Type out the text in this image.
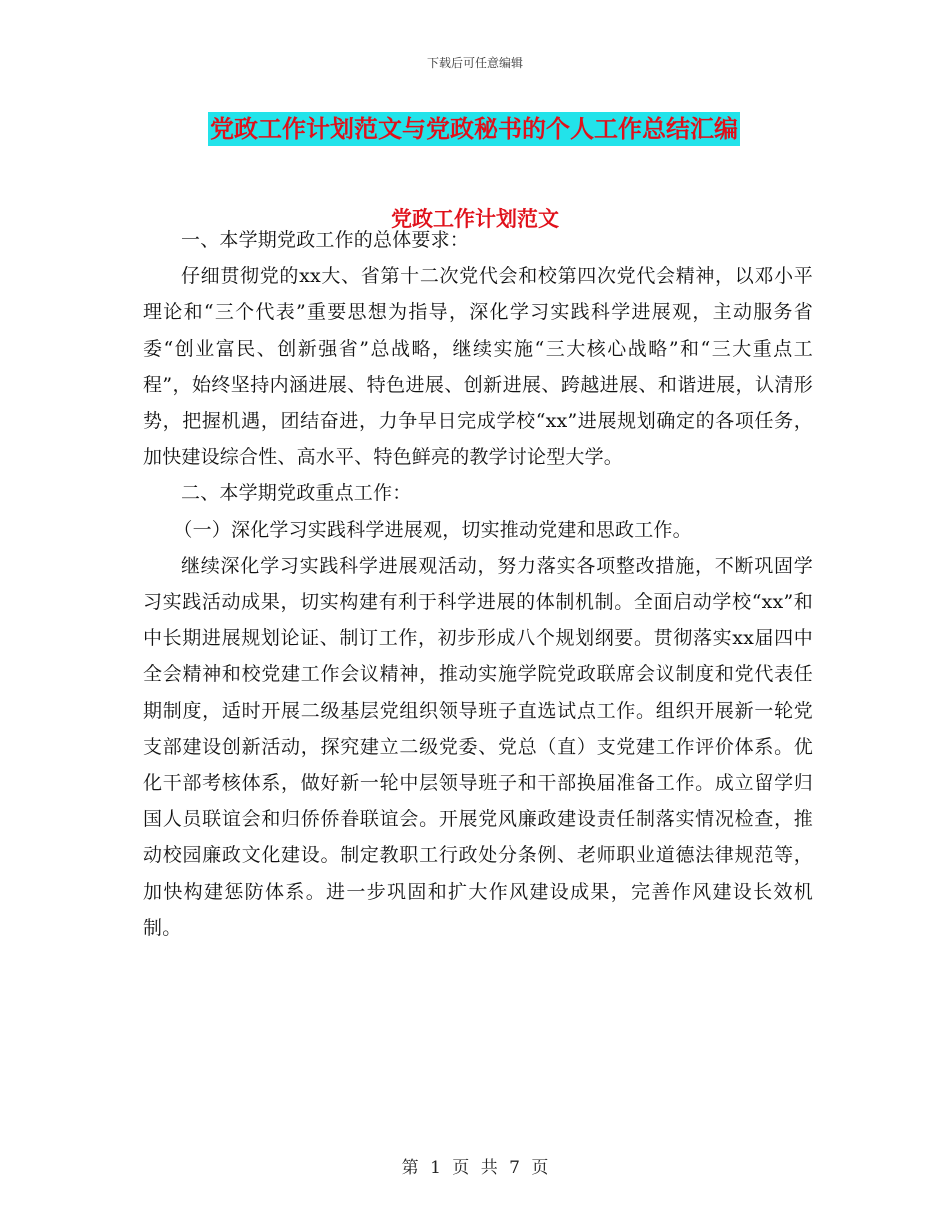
下载后可任意编辑
党政工作计划范文与党政秘书的个人工作总结汇编
党政工作计划范文

一、本学期党政工作的总体要求：

仔细贯彻党的xx大、省第十二次党代会和校第四次党代会精神，以邓小平理论和“三个代表”重要思想为指导，深化学习实践科学进展观，主动服务省委“创业富民、创新强省”总战略，继续实施“三大核心战略”和“三大重点工程”，始终坚持内涵进展、特色进展、创新进展、跨越进展、和谐进展，认清形势，把握机遇，团结奋进，力争早日完成学校“xx”进展规划确定的各项任务，加快建设综合性、高水平、特色鲜亮的教学讨论型大学。

二、本学期党政重点工作：

（一）深化学习实践科学进展观，切实推动党建和思政工作。

继续深化学习实践科学进展观活动，努力落实各项整改措施，不断巩固学习实践活动成果，切实构建有利于科学进展的体制机制。全面启动学校“xx”和中长期进展规划论证、制订工作，初步形成八个规划纲要。贯彻落实xx届四中全会精神和校党建工作会议精神，推动实施学院党政联席会议制度和党代表任期制度，适时开展二级基层党组织领导班子直选试点工作。组织开展新一轮党支部建设创新活动，探究建立二级党委、党总（直）支党建工作评价体系。优化干部考核体系，做好新一轮中层领导班子和干部换届准备工作。成立留学归国人员联谊会和归侨侨眷联谊会。开展党风廉政建设责任制落实情况检查，推动校园廉政文化建设。制定教职工行政处分条例、老师职业道德法律规范等，加快构建惩防体系。进一步巩固和扩大作风建设成果，完善作风建设长效机制。

第 1 页 共 7 页
